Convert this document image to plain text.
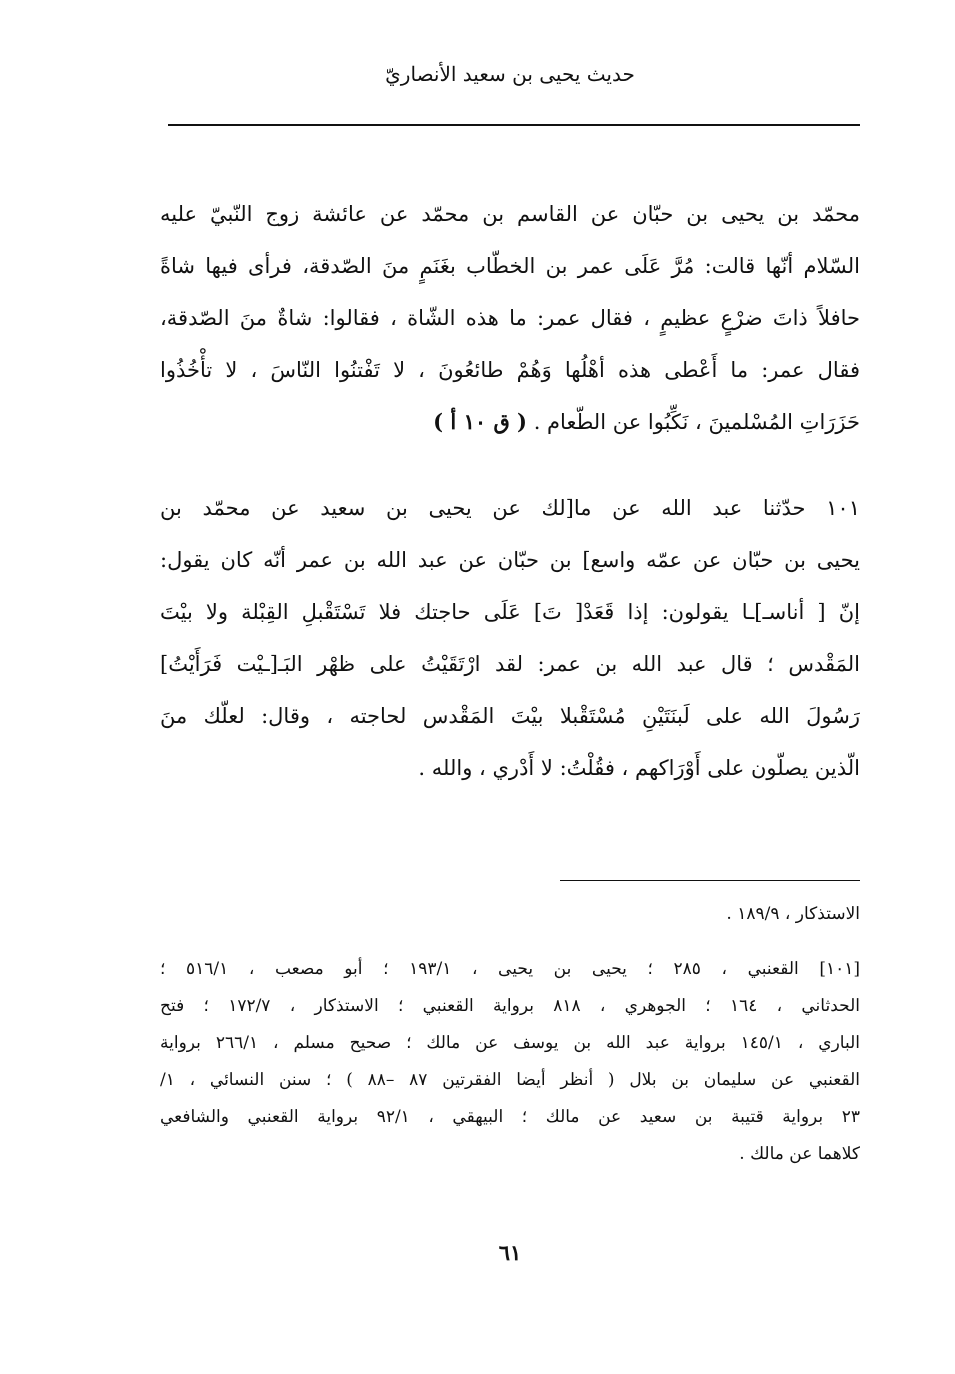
حديث يحيى بن سعيد الأنصاريّ
محمّد بن يحيى بن حبّان عن القاسم بن محمّد عن عائشة زوج النّبيّ عليه
السّلام أنّها قالت: مُرَّ عَلَى عمر بن الخطّاب بغَنَمٍ منَ الصّدقة، فرأى فيها شاةً
حافلاً ذاتَ ضرْعٍ عظيمٍ ، فقال عمر: ما هذه الشّاة ، فقالوا: شاةٌ منَ الصّدقة،
فقال عمر: ما أَعْطى هذه أهْلُها وَهُمْ طائعُونَ ، لا تَفْتنُوا النّاسَ ، لا تأْخُذُوا
حَزَرَاتِ المُسْلمينَ ، نَكِّبُوا عن الطّعام . ( ق ١٠ أ )
١٠١ حدّثنا عبد الله عن ما[لك عن يحيى بن سعيد عن محمّد بن
يحيى بن حبّان عن عمّه واسع] بن حبّان عن عبد الله بن عمر أنّه كان يقول:
إنّ [ أناسـ]ـا يقولون: إذا قَعَدْ[ تَ] عَلَى حاجتك فلا تَسْتَقْبلِ القِبْلة ولا بيْتَ
المَقْدس ؛ قال عبد الله بن عمر: لقد ارْتَقَيْتُ على ظهْر البَـ[ـيْت فَرَأَيْتُ]
رَسُولَ الله على لَبنَتَيْنِ مُسْتَقْبلا بيْتَ المَقْدس لحاجته ، وقال: لعلّك منَ
الّذين يصلّون على أَوْرَاكهم ، فقُلْتُ: لا أَدْري ، والله .
الاستذكار ، ١٨٩/٩ .
[١٠١] القعنبي ، ٢٨٥ ؛ يحيى بن يحيى ، ١٩٣/١ ؛ أبو مصعب ، ٥١٦/١ ؛
الحدثاني ، ١٦٤ ؛ الجوهري ، ٨١٨ برواية القعنبي ؛ الاستذكار ، ١٧٢/٧ ؛ فتح
الباري ، ١٤٥/١ برواية عبد الله بن يوسف عن مالك ؛ صحيح مسلم ، ٢٦٦/١ برواية
القعنبي عن سليمان بن بلال ( أنظر أيضا الفقرتين ٨٧ –٨٨ ) ؛ سنن النسائي ، ١/
٢٣ برواية قتيبة بن سعيد عن مالك ؛ البيهقي ، ٩٢/١ برواية القعنبي والشافعي
كلاهما عن مالك .
٦١
